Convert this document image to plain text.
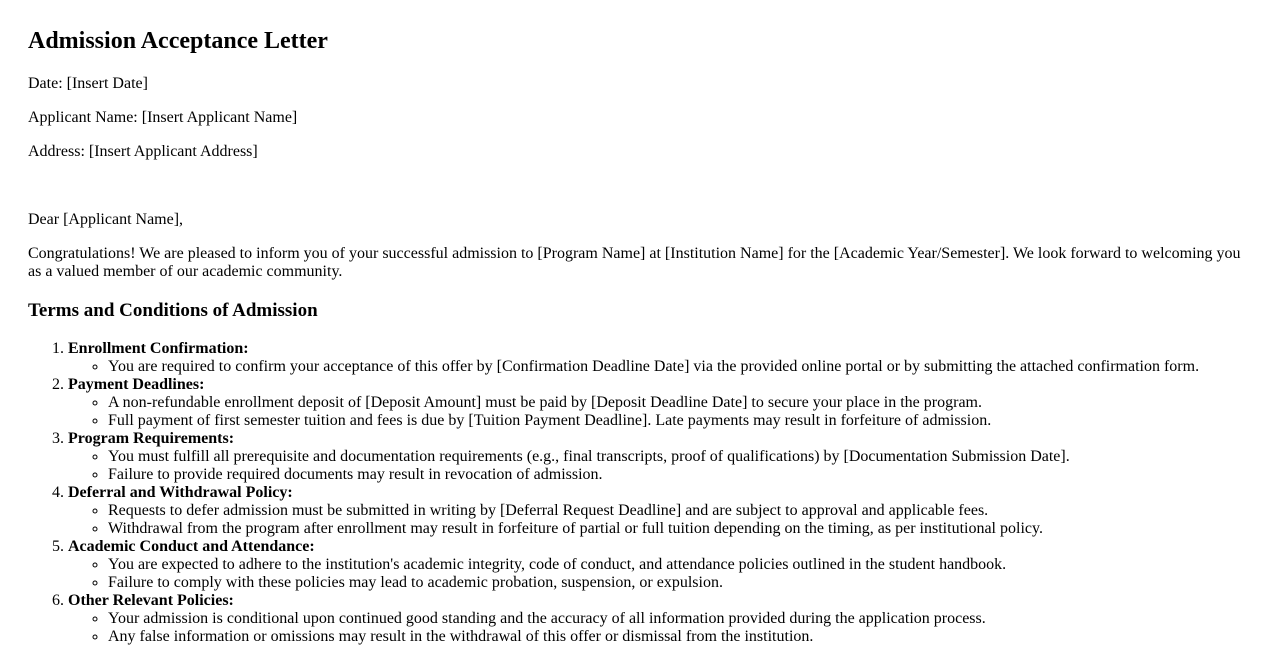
Admission Acceptance Letter

Date: [Insert Date]

Applicant Name: [Insert Applicant Name]

Address: [Insert Applicant Address]

Dear [Applicant Name],

Congratulations! We are pleased to inform you of your successful admission to [Program Name] at [Institution Name] for the [Academic Year/Semester]. We look forward to welcoming you as a valued member of our academic community.

Terms and Conditions of Admission
1. Enrollment Confirmation:
◦ You are required to confirm your acceptance of this offer by [Confirmation Deadline Date] via the provided online portal or by submitting the attached confirmation form.
2. Payment Deadlines:
◦ A non-refundable enrollment deposit of [Deposit Amount] must be paid by [Deposit Deadline Date] to secure your place in the program.
◦ Full payment of first semester tuition and fees is due by [Tuition Payment Deadline]. Late payments may result in forfeiture of admission.
3. Program Requirements:
◦ You must fulfill all prerequisite and documentation requirements (e.g., final transcripts, proof of qualifications) by [Documentation Submission Date].
◦ Failure to provide required documents may result in revocation of admission.
4. Deferral and Withdrawal Policy:
◦ Requests to defer admission must be submitted in writing by [Deferral Request Deadline] and are subject to approval and applicable fees.
◦ Withdrawal from the program after enrollment may result in forfeiture of partial or full tuition depending on the timing, as per institutional policy.
5. Academic Conduct and Attendance:
◦ You are expected to adhere to the institution's academic integrity, code of conduct, and attendance policies outlined in the student handbook.
◦ Failure to comply with these policies may lead to academic probation, suspension, or expulsion.
6. Other Relevant Policies:
◦ Your admission is conditional upon continued good standing and the accuracy of all information provided during the application process.
◦ Any false information or omissions may result in the withdrawal of this offer or dismissal from the institution.
